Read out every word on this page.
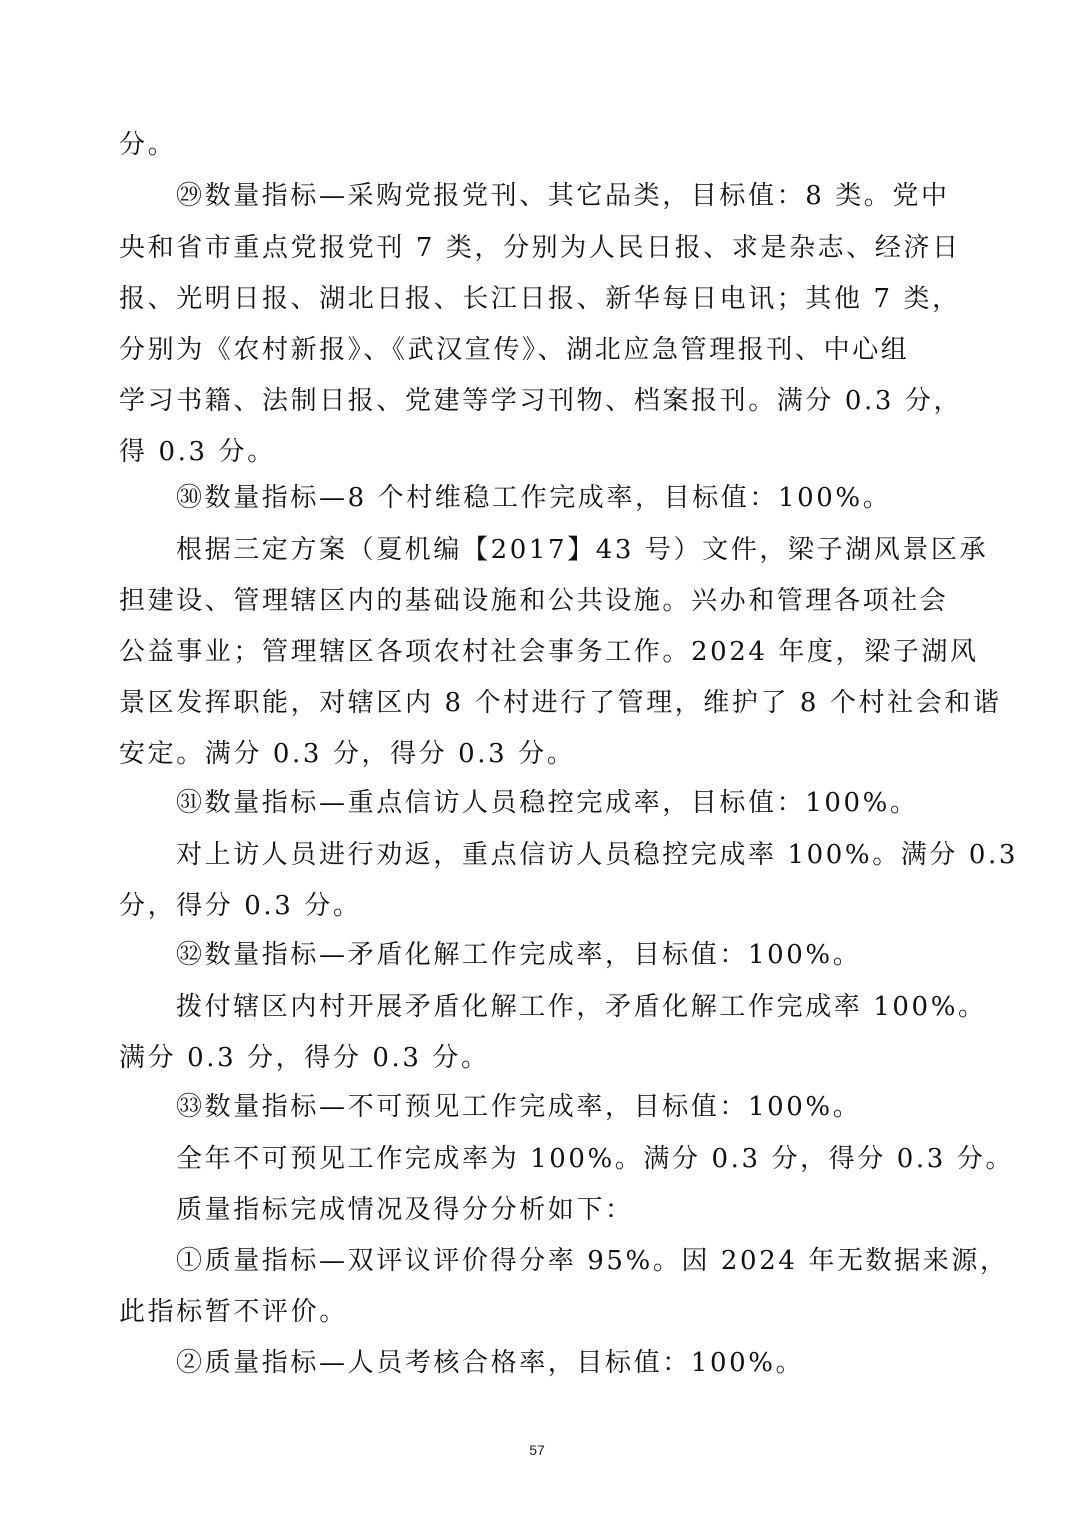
分。
㉙数量指标—采购党报党刊、其它品类，目标值：8 类。党中
央和省市重点党报党刊 7 类，分别为人民日报、求是杂志、经济日
报、光明日报、湖北日报、长江日报、新华每日电讯；其他 7 类，
分别为《农村新报》、《武汉宣传》、湖北应急管理报刊、中心组
学习书籍、法制日报、党建等学习刊物、档案报刊。满分 0.3 分，
得 0.3 分。
㉚数量指标—8 个村维稳工作完成率，目标值：100%。
根据三定方案（夏机编【2017】43 号）文件，梁子湖风景区承
担建设、管理辖区内的基础设施和公共设施。兴办和管理各项社会
公益事业；管理辖区各项农村社会事务工作。2024 年度，梁子湖风
景区发挥职能，对辖区内 8 个村进行了管理，维护了 8 个村社会和谐
安定。满分 0.3 分，得分 0.3 分。
㉛数量指标—重点信访人员稳控完成率，目标值：100%。
对上访人员进行劝返，重点信访人员稳控完成率 100%。满分 0.3
分，得分 0.3 分。
㉜数量指标—矛盾化解工作完成率，目标值：100%。
拨付辖区内村开展矛盾化解工作，矛盾化解工作完成率 100%。
满分 0.3 分，得分 0.3 分。
㉝数量指标—不可预见工作完成率，目标值：100%。
全年不可预见工作完成率为 100%。满分 0.3 分，得分 0.3 分。
质量指标完成情况及得分分析如下：
①质量指标—双评议评价得分率 95%。因 2024 年无数据来源，
此指标暂不评价。
②质量指标—人员考核合格率，目标值：100%。
57
